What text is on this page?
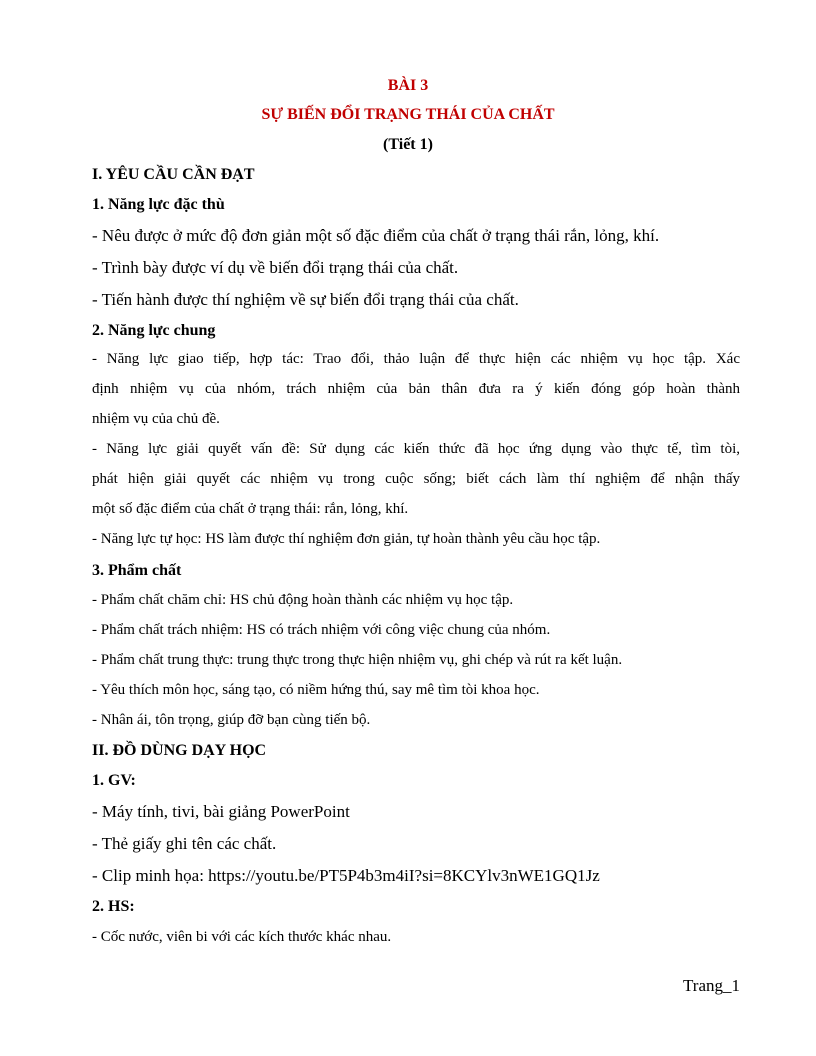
BÀI 3

SỰ BIẾN ĐỔI TRẠNG THÁI CỦA CHẤT

(Tiết 1)

I. YÊU CẦU CẦN ĐẠT

1. Năng lực đặc thù

- Nêu được ở mức độ đơn giản một số đặc điểm của chất ở trạng thái rắn, lỏng, khí.

- Trình bày được ví dụ về biến đổi trạng thái của chất.

- Tiến hành được thí nghiệm về sự biến đổi trạng thái của chất.

2. Năng lực chung

- Năng lực giao tiếp, hợp tác: Trao đổi, thảo luận để thực hiện các nhiệm vụ học tập. Xác

định nhiệm vụ của nhóm, trách nhiệm của bản thân đưa ra ý kiến đóng góp hoàn thành

nhiệm vụ của chủ đề.

- Năng lực giải quyết vấn đề: Sử dụng các kiến thức đã học ứng dụng vào thực tế, tìm tòi,

phát hiện giải quyết các nhiệm vụ trong cuộc sống; biết cách làm thí nghiệm để nhận thấy

một số đặc điểm của chất ở trạng thái: rắn, lỏng, khí.

- Năng lực tự học: HS làm được thí nghiệm đơn giản, tự hoàn thành yêu cầu học tập.

3. Phẩm chất

- Phẩm chất chăm chỉ: HS chủ động hoàn thành các nhiệm vụ học tập.

- Phẩm chất trách nhiệm: HS có trách nhiệm với công việc chung của nhóm.

- Phẩm chất trung thực: trung thực trong thực hiện nhiệm vụ, ghi chép và rút ra kết luận.

- Yêu thích môn học, sáng tạo, có niềm hứng thú, say mê tìm tòi khoa học.

- Nhân ái, tôn trọng, giúp đỡ bạn cùng tiến bộ.

II. ĐỒ DÙNG DẠY HỌC

1. GV:

- Máy tính, tivi, bài giảng PowerPoint

- Thẻ giấy ghi tên các chất.

- Clip minh họa: https://youtu.be/PT5P4b3m4iI?si=8KCYlv3nWE1GQ1Jz

2. HS:

- Cốc nước, viên bi với các kích thước khác nhau.

Trang_1
